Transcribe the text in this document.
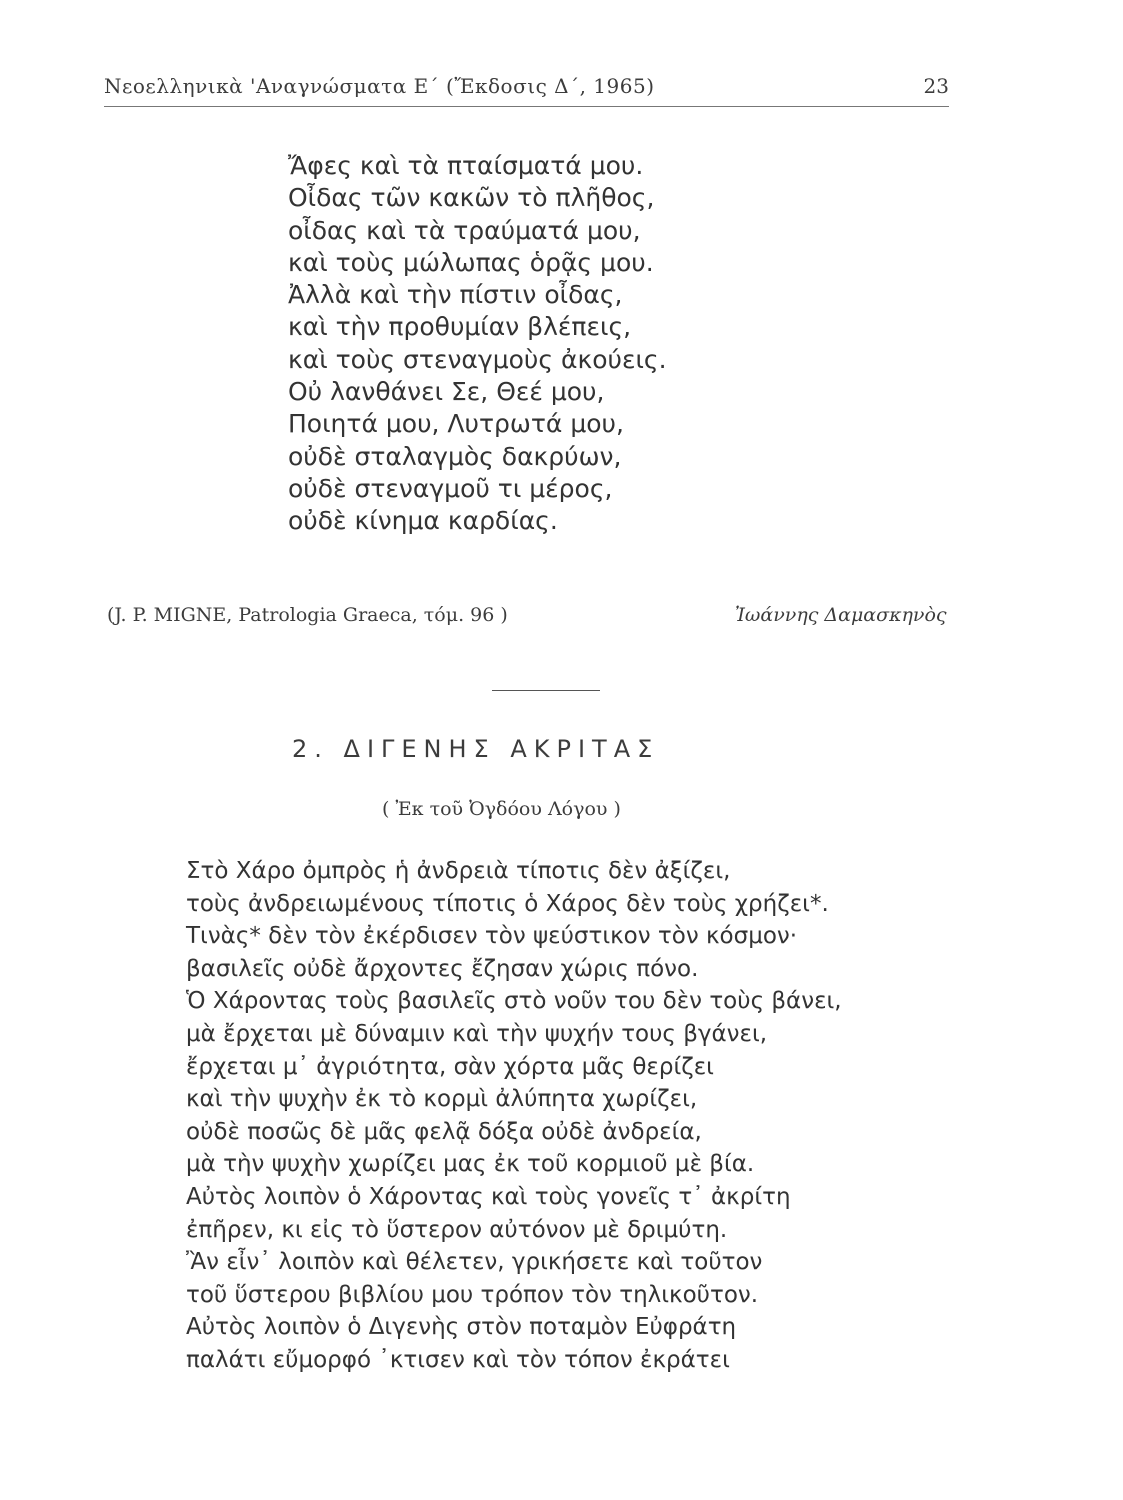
Νεοελληνικὰ 'Αναγνώσματα Ε΄ (Ἔκδοσις Δ΄, 1965)	23
Ἄφες καὶ τὰ πταίσματά μου.
Οἶδας τῶν κακῶν τὸ πλῆθος,
οἶδας καὶ τὰ τραύματά μου,
καὶ τοὺς μώλωπας ὁρᾷς μου.
Ἀλλὰ καὶ τὴν πίστιν οἶδας,
καὶ τὴν προθυμίαν βλέπεις,
καὶ τοὺς στεναγμοὺς ἀκούεις.
Οὐ λανθάνει Σε, Θεέ μου,
Ποιητά μου, Λυτρωτά μου,
οὐδὲ σταλαγμὸς δακρύων,
οὐδὲ στεναγμοῦ τι μέρος,
οὐδὲ κίνημα καρδίας.
(J. P. MIGNE, Patrologia Graeca, τόμ. 96 )	Ἰωάννης Δαμασκηνὸς
2. ΔΙΓΕΝΗΣ ΑΚΡΙΤΑΣ
( Ἐκ τοῦ Ὀγδόου Λόγου )
Στὸ Χάρο ὀμπρὸς ἡ ἀνδρειὰ τίποτις δὲν ἀξίζει,
τοὺς ἀνδρειωμένους τίποτις ὁ Χάρος δὲν τοὺς χρήζει*.
Τινὰς* δὲν τὸν ἐκέρδισεν τὸν ψεύστικον τὸν κόσμον·
βασιλεῖς οὐδὲ ἄρχοντες ἔζησαν χώρις πόνο.
Ὁ Χάροντας τοὺς βασιλεῖς στὸ νοῦν του δὲν τοὺς βάνει,
μὰ ἔρχεται μὲ δύναμιν καὶ τὴν ψυχήν τους βγάνει,
ἔρχεται μ᾽ ἀγριότητα, σὰν χόρτα μᾶς θερίζει
καὶ τὴν ψυχὴν ἐκ τὸ κορμὶ ἀλύπητα χωρίζει,
οὐδὲ ποσῶς δὲ μᾶς φελᾷ δόξα οὐδὲ ἀνδρεία,
μὰ τὴν ψυχὴν χωρίζει μας ἐκ τοῦ κορμιοῦ μὲ βία.
Αὐτὸς λοιπὸν ὁ Χάροντας καὶ τοὺς γονεῖς τ᾽ ἀκρίτη
ἐπῆρεν, κι εἰς τὸ ὕστερον αὐτόνον μὲ δριμύτη.
Ἂν εἶν᾽ λοιπὸν καὶ θέλετεν, γρικήσετε καὶ τοῦτον
τοῦ ὕστερου βιβλίου μου τρόπον τὸν τηλικοῦτον.
Αὐτὸς λοιπὸν ὁ Διγενὴς στὸν ποταμὸν Εὐφράτη
παλάτι εὔμορφό ᾽κτισεν καὶ τὸν τόπον ἐκράτει
